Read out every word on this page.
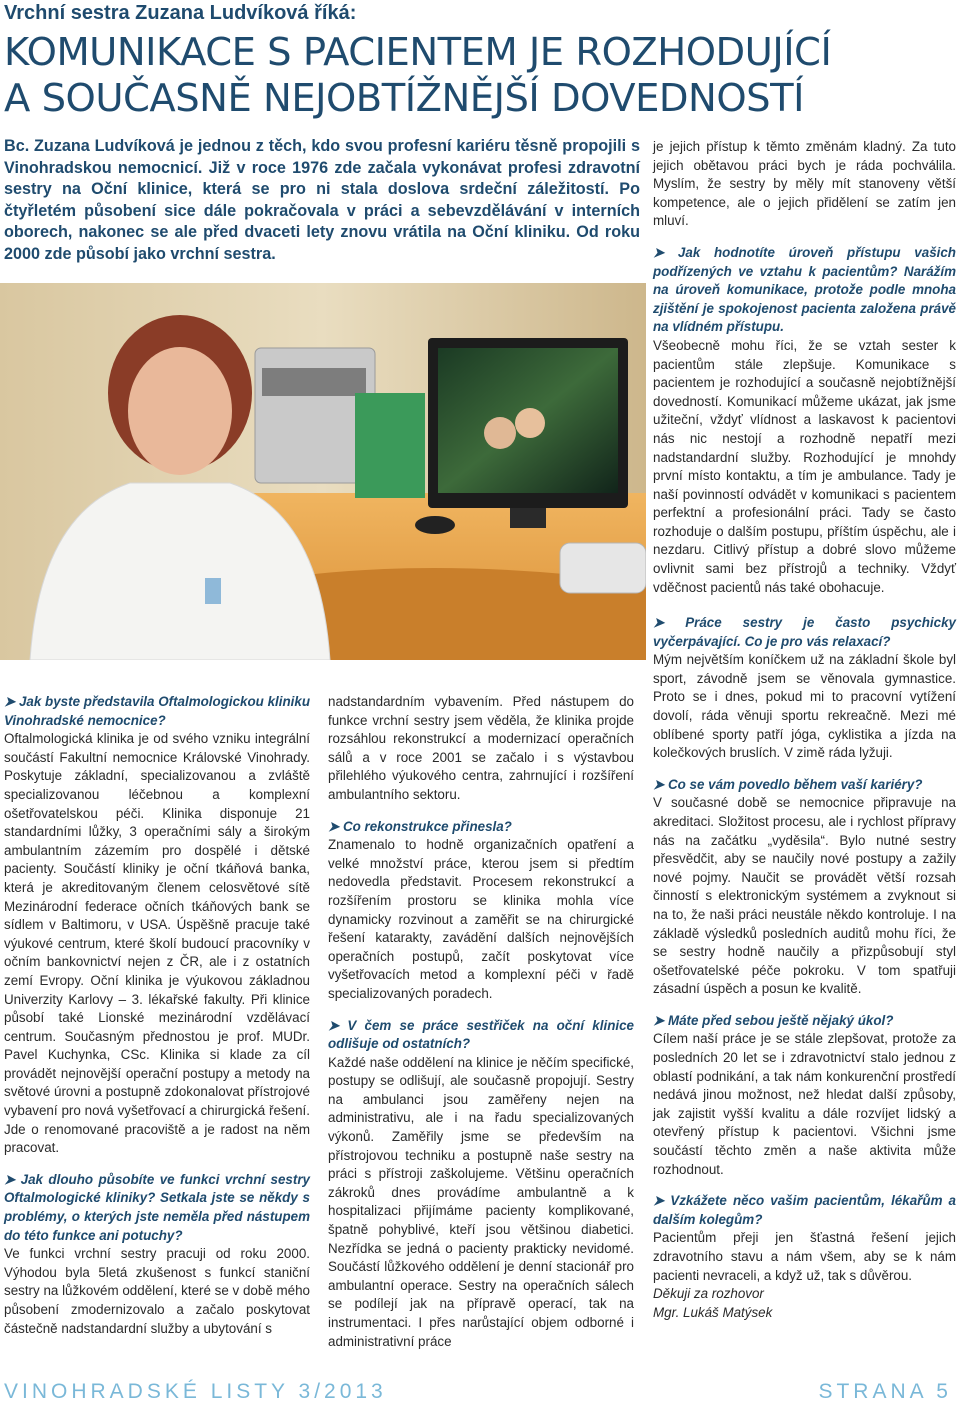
Vrchní sestra Zuzana Ludvíková říká:
KOMUNIKACE S PACIENTEM JE ROZHODUJÍCÍ
A SOUČASNĚ NEJOBTÍŽNĚJŠÍ DOVEDNOSTÍ

Bc. Zuzana Ludvíková je jednou z těch, kdo svou profesní kariéru těsně propojili s Vinohradskou nemocnicí. Již v roce 1976 zde začala vykonávat profesi zdravotní sestry na Oční klinice, která se pro ni stala doslova srdeční záležitostí. Po čtyřletém působení sice dále pokračovala v práci a sebevzdělávání v interních oborech, nakonec se ale před dvaceti lety znovu vrátila na Oční kliniku. Od roku 2000 zde působí jako vrchní sestra.

➤ Jak byste představila Oftalmologickou kliniku Vinohradské nemocnice?

Oftalmologická klinika je od svého vzniku integrální součástí Fakultní nemocnice Královské Vinohrady. Poskytuje základní, specializovanou a zvláště specializovanou léčebnou a komplexní ošetřovatelskou péči. Klinika disponuje 21 standardními lůžky, 3 operačními sály a širokým ambulantním zázemím pro dospělé i dětské pacienty. Součástí kliniky je oční tkáňová banka, která je akreditovaným členem celosvětové sítě Mezinárodní federace očních tkáňových bank se sídlem v Baltimoru, v USA. Úspěšně pracuje také výukové centrum, které školí budoucí pracovníky v očním bankovnictví nejen z ČR, ale i z ostatních zemí Evropy. Oční klinika je výukovou základnou Univerzity Karlovy – 3. lékařské fakulty. Při klinice působí také Lionské mezinárodní vzdělávací centrum. Současným přednostou je prof. MUDr. Pavel Kuchynka, CSc. Klinika si klade za cíl provádět nejnovější operační postupy a metody na světové úrovni a postupně zdokonalovat přístrojové vybavení pro nová vyšetřovací a chirurgická řešení. Jde o renomované pracoviště a je radost na něm pracovat.

➤ Jak dlouho působíte ve funkci vrchní sestry Oftalmologické kliniky? Setkala jste se někdy s problémy, o kterých jste neměla před nástupem do této funkce ani potuchy?

Ve funkci vrchní sestry pracuji od roku 2000. Výhodou byla 5letá zkušenost s funkcí staniční sestry na lůžkovém oddělení, které se v době mého působení zmodernizovalo a začalo poskytovat částečně nadstandardní služby a ubytování s

nadstandardním vybavením. Před nástupem do funkce vrchní sestry jsem věděla, že klinika projde rozsáhlou rekonstrukcí a modernizací operačních sálů a v roce 2001 se začalo i s výstavbou přilehlého výukového centra, zahrnující i rozšíření ambulantního sektoru.

➤ Co rekonstrukce přinesla?

Znamenalo to hodně organizačních opatření a velké množství práce, kterou jsem si předtím nedovedla představit. Procesem rekonstrukcí a rozšířením prostoru se klinika mohla více dynamicky rozvinout a zaměřit se na chirurgické řešení katarakty, zavádění dalších nejnovějších operačních postupů, začít poskytovat více vyšetřovacích metod a komplexní péči v řadě specializovaných poradech.

➤ V čem se práce sestřiček na oční klinice odlišuje od ostatních?

Každé naše oddělení na klinice je něčím specifické, postupy se odlišují, ale současně propojují. Sestry na ambulanci jsou zaměřeny nejen na administrativu, ale i na řadu specializovaných výkonů. Zaměřily jsme se především na přístrojovou techniku a postupně naše sestry na práci s přístroji zaškolujeme. Většinu operačních zákroků dnes provádíme ambulantně a k hospitalizaci přijímáme pacienty komplikované, špatně pohyblivé, kteří jsou většinou diabetici. Nezřídka se jedná o pacienty prakticky nevidomé. Součástí lůžkového oddělení je denní stacionář pro ambulantní operace. Sestry na operačních sálech se podílejí jak na přípravě operací, tak na instrumentaci. I přes narůstající objem odborné i administrativní práce

je jejich přístup k těmto změnám kladný. Za tuto jejich obětavou práci bych je ráda pochválila. Myslím, že sestry by měly mít stanoveny větší kompetence, ale o jejich přidělení se zatím jen mluví.

➤ Jak hodnotíte úroveň přístupu vašich podřízených ve vztahu k pacientům? Narážím na úroveň komunikace, protože podle mnoha zjištění je spokojenost pacienta založena právě na vlídném přístupu.

Všeobecně mohu říci, že se vztah sester k pacientům stále zlepšuje. Komunikace s pacientem je rozhodující a současně nejobtížnější dovedností. Komunikací můžeme ukázat, jak jsme užiteční, vždyť vlídnost a laskavost k pacientovi nás nic nestojí a rozhodně nepatří mezi nadstandardní služby. Rozhodující je mnohdy první místo kontaktu, a tím je ambulance. Tady je naší povinností odvádět v komunikaci s pacientem perfektní a profesionální práci. Tady se často rozhoduje o dalším postupu, příštím úspěchu, ale i nezdaru. Citlivý přístup a dobré slovo můžeme ovlivnit sami bez přístrojů a techniky. Vždyť vděčnost pacientů nás také obohacuje.

➤ Práce sestry je často psychicky vyčerpávající. Co je pro vás relaxací?

Mým největším koníčkem už na základní škole byl sport, závodně jsem se věnovala gymnastice. Proto se i dnes, pokud mi to pracovní vytížení dovolí, ráda věnuji sportu rekreačně. Mezi mé oblíbené sporty patří jóga, cyklistika a jízda na kolečkových bruslích. V zimě ráda lyžuji.

➤ Co se vám povedlo během vaší kariéry?

V současné době se nemocnice připravuje na akreditaci. Složitost procesu, ale i rychlost přípravy nás na začátku „vyděsila“. Bylo nutné sestry přesvědčit, aby se naučily nové postupy a zažily nové pojmy. Naučit se provádět větší rozsah činností s elektronickým systémem a zvyknout si na to, že naši práci neustále někdo kontroluje. I na základě výsledků posledních auditů mohu říci, že se sestry hodně naučily a přizpůsobují styl ošetřovatelské péče pokroku. V tom spatřuji zásadní úspěch a posun ke kvalitě.

➤ Máte před sebou ještě nějaký úkol?

Cílem naší práce je se stále zlepšovat, protože za posledních 20 let se i zdravotnictví stalo jednou z oblastí podnikání, a tak nám konkurenční prostředí nedává jinou možnost, než hledat další způsoby, jak zajistit vyšší kvalitu a dále rozvíjet lidský a otevřený přístup k pacientovi. Všichni jsme součástí těchto změn a naše aktivita může rozhodnout.

➤ Vzkážete něco vašim pacientům, lékařům a dalším kolegům?

Pacientům přeji jen šťastná řešení jejich zdravotního stavu a nám všem, aby se k nám pacienti nevraceli, a když už, tak s důvěrou.

Děkuji za rozhovor

Mgr. Lukáš Matýsek

VINOHRADSKÉ LISTY 3/2013	STRANA 5
